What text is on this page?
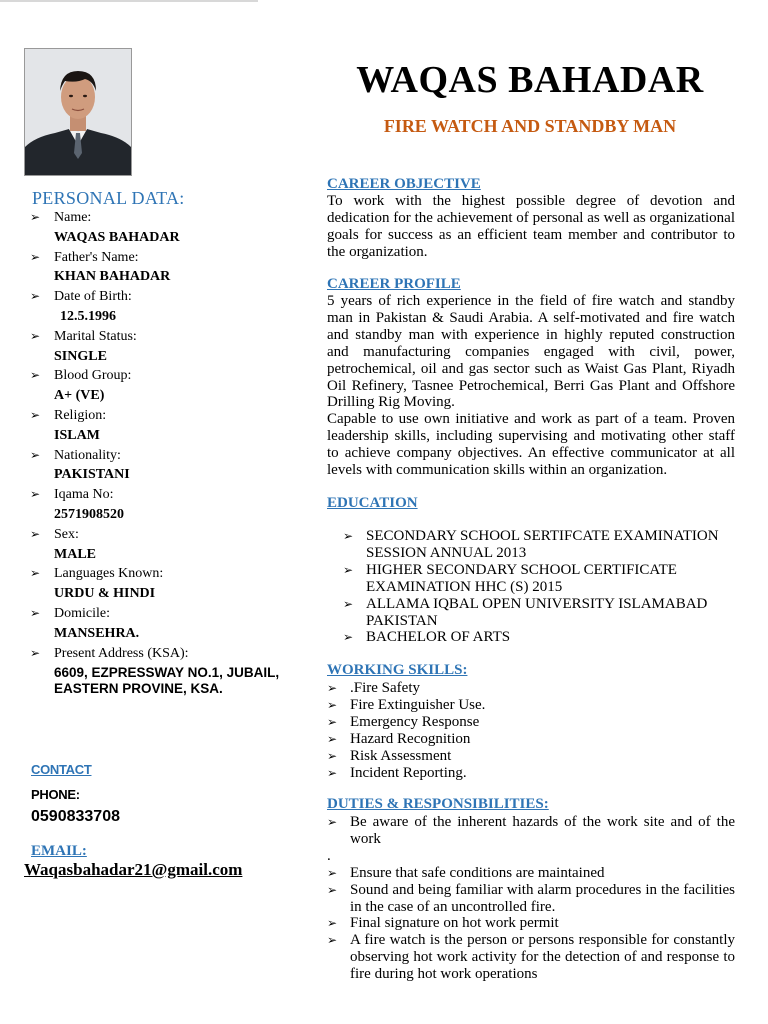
WAQAS BAHADAR
FIRE WATCH AND STANDBY MAN
PERSONAL DATA:
➢ Name:
WAQAS BAHADAR
➢ Father's Name:
KHAN BAHADAR
➢ Date of Birth:
12.5.1996
➢ Marital Status:
SINGLE
➢ Blood Group:
A+ (VE)
➢ Religion:
ISLAM
➢ Nationality:
PAKISTANI
➢ Iqama No:
2571908520
➢ Sex:
MALE
➢ Languages Known:
URDU & HINDI
➢ Domicile:
MANSEHRA.
➢ Present Address (KSA):
6609, EZPRESSWAY NO.1, JUBAIL, EASTERN PROVINE, KSA.
CONTACT
PHONE:
0590833708
EMAIL:
Waqasbahadar21@gmail.com
CAREER OBJECTIVE

To work with the highest possible degree of devotion and dedication for the achievement of personal as well as organizational goals for success as an efficient team member and contributor to the organization.

CAREER PROFILE

5 years of rich experience in the field of fire watch and standby man in Pakistan & Saudi Arabia. A self-motivated and fire watch and standby man with experience in highly reputed construction and manufacturing companies engaged with civil, power, petrochemical, oil and gas sector such as Waist Gas Plant, Riyadh Oil Refinery, Tasnee Petrochemical, Berri Gas Plant and Offshore Drilling Rig Moving.

Capable to use own initiative and work as part of a team. Proven leadership skills, including supervising and motivating other staff to achieve company objectives. An effective communicator at all levels with communication skills within an organization.

EDUCATION
➢ SECONDARY SCHOOL SERTIFCATE EXAMINATION SESSION ANNUAL 2013
➢ HIGHER SECONDARY SCHOOL CERTIFICATE EXAMINATION HHC (S) 2015
➢ ALLAMA IQBAL OPEN UNIVERSITY ISLAMABAD PAKISTAN
➢ BACHELOR OF ARTS
WORKING SKILLS:
➢ .Fire Safety
➢ Fire Extinguisher Use.
➢ Emergency Response
➢ Hazard Recognition
➢ Risk Assessment
➢ Incident Reporting.
DUTIES & RESPONSIBILITIES:
➢ Be aware of the inherent hazards of the work site and of the work
.
➢ Ensure that safe conditions are maintained
➢ Sound and being familiar with alarm procedures in the facilities in the case of an uncontrolled fire.
➢ Final signature on hot work permit
➢ A fire watch is the person or persons responsible for constantly observing hot work activity for the detection of and response to fire during hot work operations
